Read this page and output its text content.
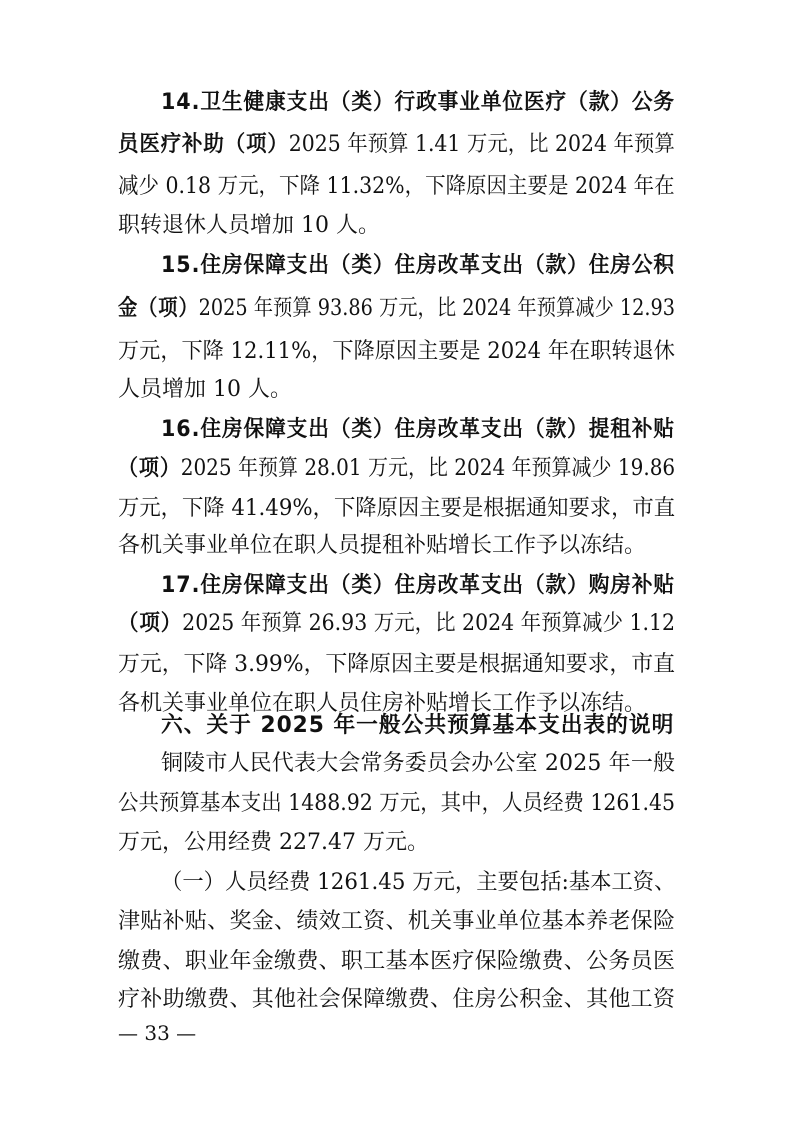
14.卫生健康支出（类）行政事业单位医疗（款）公务
员医疗补助（项）2025 年预算 1.41 万元，比 2024 年预算
减少 0.18 万元，下降 11.32%，下降原因主要是 2024 年在
职转退休人员增加 10 人。
15.住房保障支出（类）住房改革支出（款）住房公积
金（项）2025 年预算 93.86 万元，比 2024 年预算减少 12.93
万元，下降 12.11%，下降原因主要是 2024 年在职转退休
人员增加 10 人。
16.住房保障支出（类）住房改革支出（款）提租补贴
（项）2025 年预算 28.01 万元，比 2024 年预算减少 19.86
万元，下降 41.49%，下降原因主要是根据通知要求，市直
各机关事业单位在职人员提租补贴增长工作予以冻结。
17.住房保障支出（类）住房改革支出（款）购房补贴
（项）2025 年预算 26.93 万元，比 2024 年预算减少 1.12
万元，下降 3.99%，下降原因主要是根据通知要求，市直
各机关事业单位在职人员住房补贴增长工作予以冻结。
六、关于 2025 年一般公共预算基本支出表的说明
铜陵市人民代表大会常务委员会办公室 2025 年一般
公共预算基本支出 1488.92 万元，其中，人员经费 1261.45
万元，公用经费 227.47 万元。
（一）人员经费 1261.45 万元，主要包括:基本工资、
津贴补贴、奖金、绩效工资、机关事业单位基本养老保险
缴费、职业年金缴费、职工基本医疗保险缴费、公务员医
疗补助缴费、其他社会保障缴费、住房公积金、其他工资
— 33 —
